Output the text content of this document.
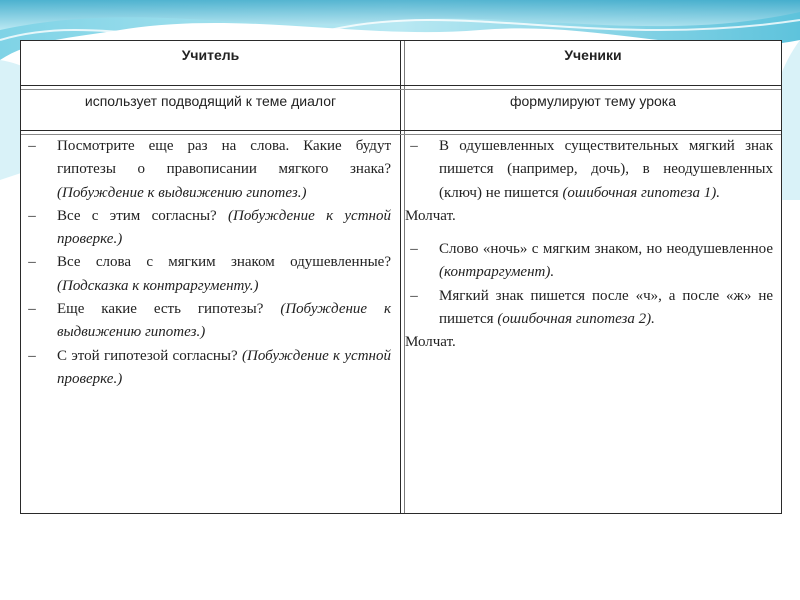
Учитель	Ученики
использует подводящий к теме диалог	формулируют тему урока
– Посмотрите еще раз на слова. Какие будут гипотезы о правописании мягкого знака? (Побуждение к выдвижению гипотез.)
– Все с этим согласны? (Побуждение к устной проверке.)
– Все слова с мягким знаком одушевленные? (Подсказка к контраргументу.)
– Еще какие есть гипотезы? (Побуждение к выдвижению гипотез.)
– С этой гипотезой согласны? (Побуждение к устной проверке.)
– В одушевленных существительных мягкий знак пишется (например, дочь), в неодушевленных (ключ) не пишется (ошибочная гипотеза 1).
Молчат.
– Слово «ночь» с мягким знаком, но неодушевленное (контраргумент).
– Мягкий знак пишется после «ч», а после «ж» не пишется (ошибочная гипотеза 2).
Молчат.
